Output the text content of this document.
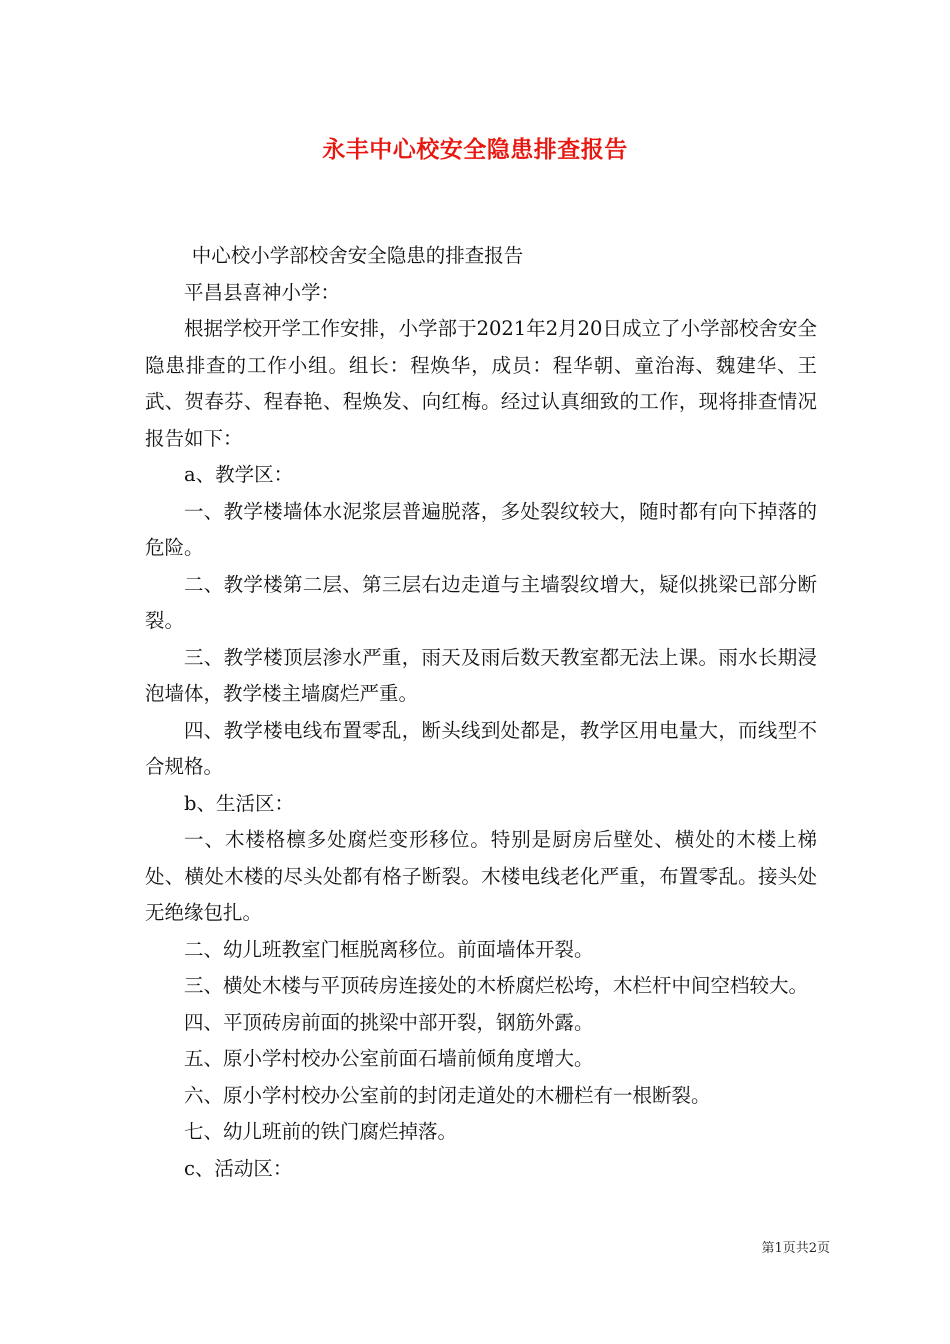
永丰中心校安全隐患排查报告

中心校小学部校舍安全隐患的排查报告

平昌县喜神小学：

根据学校开学工作安排，小学部于2021年2月20日成立了小学部校舍安全隐患排查的工作小组。组长：程焕华，成员：程华朝、童治海、魏建华、王武、贺春芬、程春艳、程焕发、向红梅。经过认真细致的工作，现将排查情况报告如下：

a、教学区：

一、教学楼墙体水泥浆层普遍脱落，多处裂纹较大，随时都有向下掉落的危险。

二、教学楼第二层、第三层右边走道与主墙裂纹增大，疑似挑梁已部分断裂。

三、教学楼顶层渗水严重，雨天及雨后数天教室都无法上课。雨水长期浸泡墙体，教学楼主墙腐烂严重。

四、教学楼电线布置零乱，断头线到处都是，教学区用电量大，而线型不合规格。

b、生活区：

一、木楼格檩多处腐烂变形移位。特别是厨房后壁处、横处的木楼上梯处、横处木楼的尽头处都有格子断裂。木楼电线老化严重，布置零乱。接头处无绝缘包扎。

二、幼儿班教室门框脱离移位。前面墙体开裂。

三、横处木楼与平顶砖房连接处的木桥腐烂松垮，木栏杆中间空档较大。

四、平顶砖房前面的挑梁中部开裂，钢筋外露。

五、原小学村校办公室前面石墙前倾角度增大。

六、原小学村校办公室前的封闭走道处的木栅栏有一根断裂。

七、幼儿班前的铁门腐烂掉落。

c、活动区：

第1页共2页
